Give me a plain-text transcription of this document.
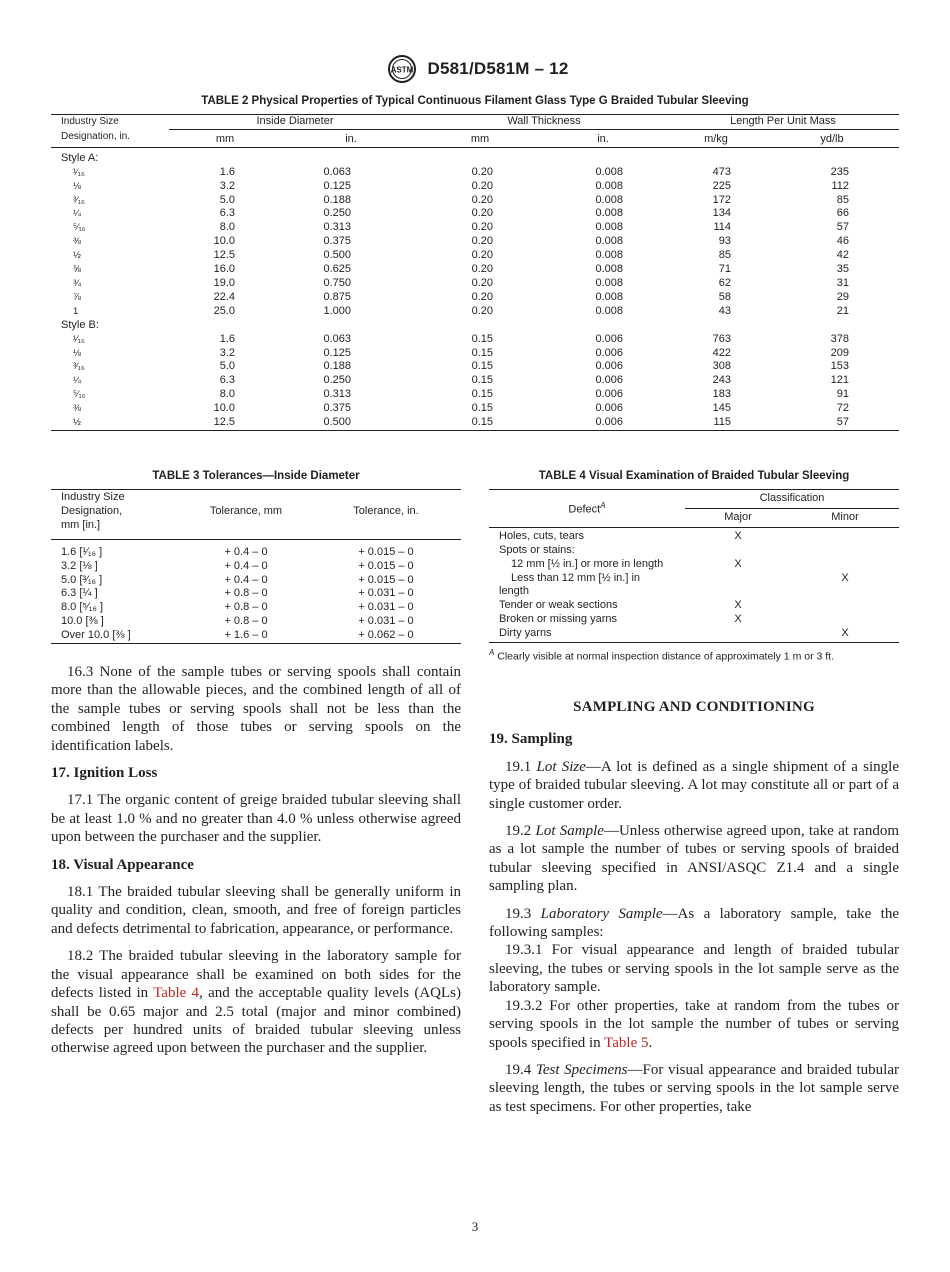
ASTM D581/D581M – 12
TABLE 2 Physical Properties of Typical Continuous Filament Glass Type G Braided Tubular Sleeving
Industry Size	Inside Diameter		Wall Thickness		Length Per Unit Mass	
Designation, in.	mm	in.	mm	in.	m/kg	yd/lb
Style A:						
¹⁄₁₆	1.6	0.063	0.20	0.008	473	235
⅛	3.2	0.125	0.20	0.008	225	112
³⁄₁₆	5.0	0.188	0.20	0.008	172	85
¼	6.3	0.250	0.20	0.008	134	66
⁵⁄₁₆	8.0	0.313	0.20	0.008	114	57
⅜	10.0	0.375	0.20	0.008	93	46
½	12.5	0.500	0.20	0.008	85	42
⅝	16.0	0.625	0.20	0.008	71	35
¾	19.0	0.750	0.20	0.008	62	31
⅞	22.4	0.875	0.20	0.008	58	29
1	25.0	1.000	0.20	0.008	43	21
Style B:						
¹⁄₁₆	1.6	0.063	0.15	0.006	763	378
⅛	3.2	0.125	0.15	0.006	422	209
³⁄₁₆	5.0	0.188	0.15	0.006	308	153
¼	6.3	0.250	0.15	0.006	243	121
⁵⁄₁₆	8.0	0.313	0.15	0.006	183	91
⅜	10.0	0.375	0.15	0.006	145	72
½	12.5	0.500	0.15	0.006	115	57
TABLE 3 Tolerances—Inside Diameter
Industry Size
Designation,
mm [in.]	Tolerance, mm	Tolerance, in.
1.6 [¹⁄₁₆ ]	+ 0.4 – 0	+ 0.015 – 0
3.2 [⅛ ]	+ 0.4 – 0	+ 0.015 – 0
5.0 [³⁄₁₆ ]	+ 0.4 – 0	+ 0.015 – 0
6.3 [¼ ]	+ 0.8 – 0	+ 0.031 – 0
8.0 [⁵⁄₁₆ ]	+ 0.8 – 0	+ 0.031 – 0
10.0 [⅜ ]	+ 0.8 – 0	+ 0.031 – 0
Over 10.0 [⅜ ]	+ 1.6 – 0	+ 0.062 – 0
TABLE 4 Visual Examination of Braided Tubular Sleeving
Defect$^A$	Classification	
	Major	Minor
Holes, cuts, tears	X	
Spots or stains:		
12 mm [½ in.] or more in length	X	
Less than 12 mm [½ in.] in		X
length		
Tender or weak sections	X	
Broken or missing yarns	X	
Dirty yarns		X
$^A$ Clearly visible at normal inspection distance of approximately 1 m or 3 ft.

16.3 None of the sample tubes or serving spools shall contain more than the allowable pieces, and the combined length of all of the sample tubes or serving spools shall not be less than the combined length of those tubes or serving spools on the identification labels.

17. Ignition Loss

17.1 The organic content of greige braided tubular sleeving shall be at least 1.0 % and no greater than 4.0 % unless otherwise agreed upon between the purchaser and the supplier.

18. Visual Appearance

18.1 The braided tubular sleeving shall be generally uniform in quality and condition, clean, smooth, and free of foreign particles and defects detrimental to fabrication, appearance, or performance.

18.2 The braided tubular sleeving in the laboratory sample for the visual appearance shall be examined on both sides for the defects listed in Table 4, and the acceptable quality levels (AQLs) shall be 0.65 major and 2.5 total (major and minor combined) defects per hundred units of braided tubular sleeving unless otherwise agreed upon between the purchaser and the supplier.

SAMPLING AND CONDITIONING
19. Sampling

19.1 Lot Size—A lot is defined as a single shipment of a single type of braided tubular sleeving. A lot may constitute all or part of a single customer order.

19.2 Lot Sample—Unless otherwise agreed upon, take at random as a lot sample the number of tubes or serving spools of braided tubular sleeving specified in ANSI/ASQC Z1.4 and a single sampling plan.

19.3 Laboratory Sample—As a laboratory sample, take the following samples:

19.3.1 For visual appearance and length of braided tubular sleeving, the tubes or serving spools in the lot sample serve as the laboratory sample.

19.3.2 For other properties, take at random from the tubes or serving spools in the lot sample the number of tubes or serving spools specified in Table 5.

19.4 Test Specimens—For visual appearance and braided tubular sleeving length, the tubes or serving spools in the lot sample serve as test specimens. For other properties, take

3
